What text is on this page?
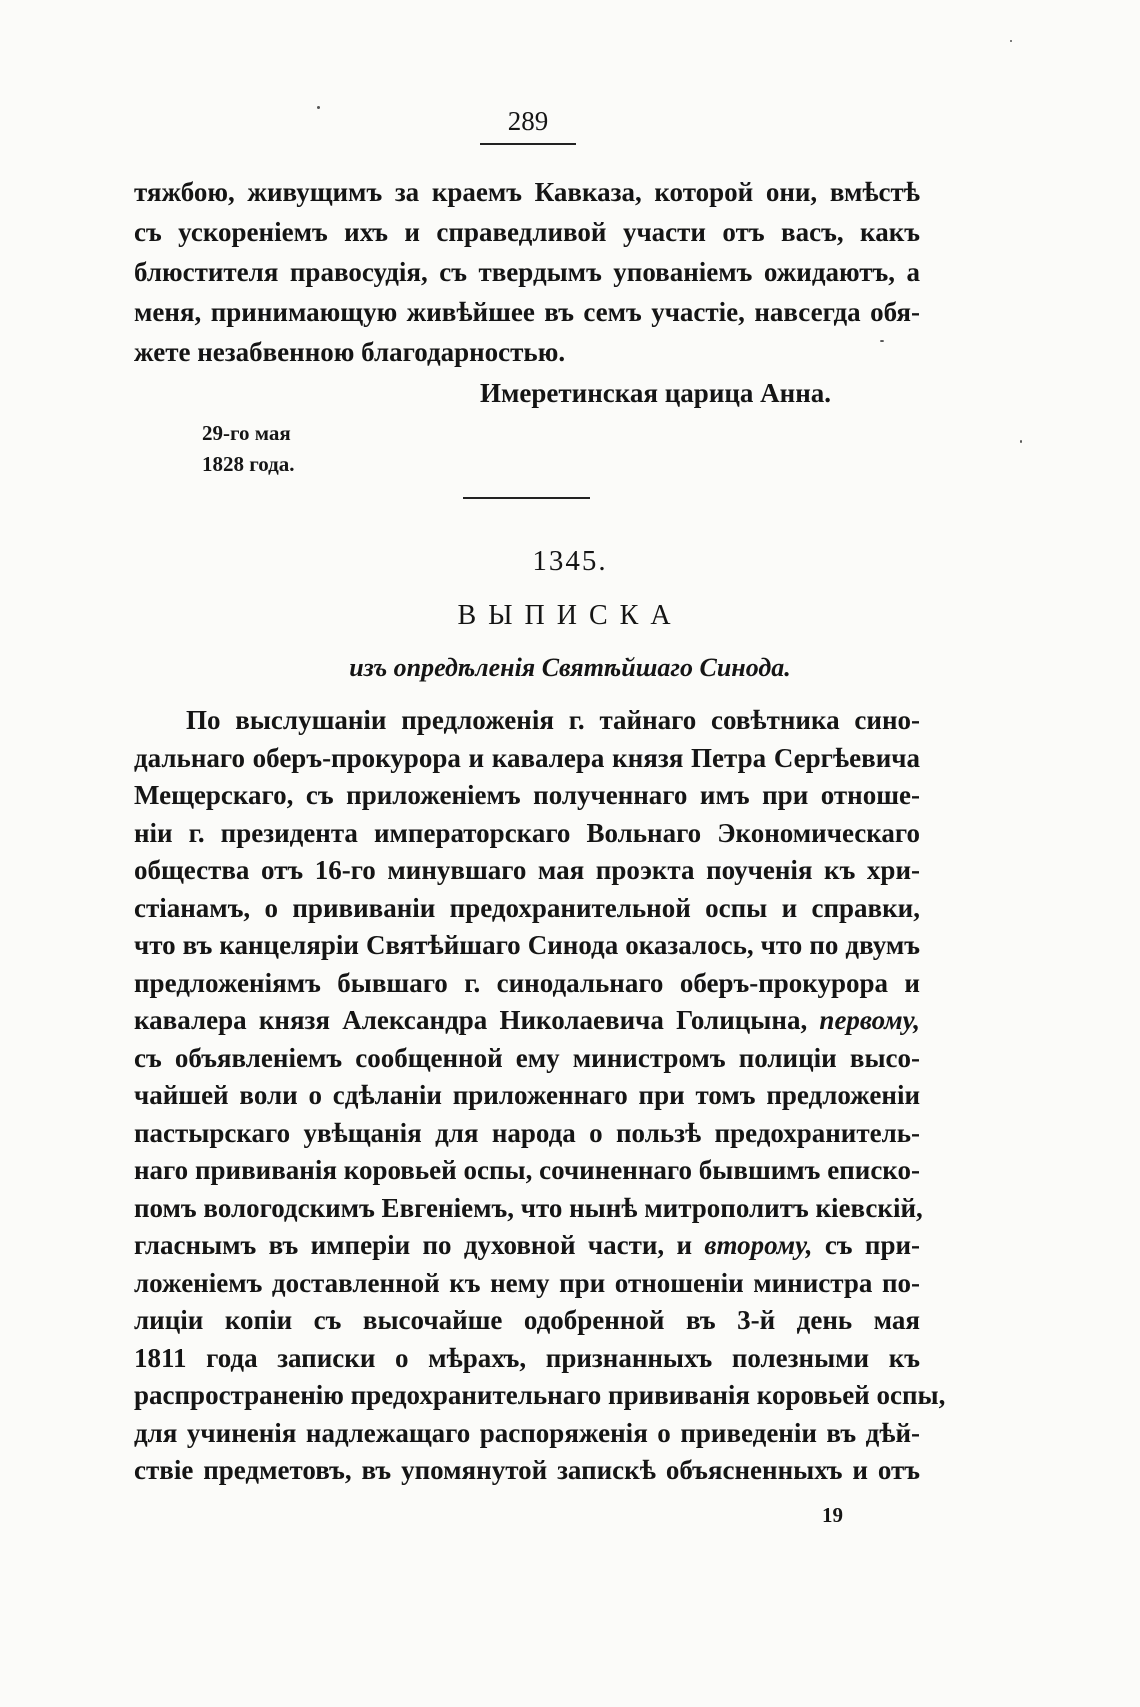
289
тяжбою, живущимъ за краемъ Кавказа, которой они, вмѣстѣ
съ ускореніемъ ихъ и справедливой участи отъ васъ, какъ
блюстителя правосудія, съ твердымъ упованіемъ ожидаютъ, а
меня, принимающую живѣйшее въ семъ участіе, навсегда обя-
жете незабвенною благодарностью.
Имеретинская царица Анна.
29-го мая
1828 года.
1345.
ВЫПИСКА
изъ опредѣленія Святѣйшаго Синода.
По выслушаніи предложенія г. тайнаго совѣтника сино-
дальнаго оберъ-прокурора и кавалера князя Петра Сергѣевича
Мещерскаго, съ приложеніемъ полученнаго имъ при отноше-
ніи г. президента императорскаго Вольнаго Экономическаго
общества отъ 16-го минувшаго мая проэкта поученія къ хри-
стіанамъ, о прививаніи предохранительной оспы и справки,
что въ канцеляріи Святѣйшаго Синода оказалось, что по двумъ
предложеніямъ бывшаго г. синодальнаго оберъ-прокурора и
кавалера князя Александра Николаевича Голицына, первому,
съ объявленіемъ сообщенной ему министромъ полиціи высо-
чайшей воли о сдѣланіи приложеннаго при томъ предложеніи
пастырскаго увѣщанія для народа о пользѣ предохранитель-
наго прививанія коровьей оспы, сочиненнаго бывшимъ еписко-
помъ вологодскимъ Евгеніемъ, что нынѣ митрополитъ кіевскій,
гласнымъ въ имперіи по духовной части, и второму, съ при-
ложеніемъ доставленной къ нему при отношеніи министра по-
лиціи копіи съ высочайше одобренной въ 3-й день мая
1811 года записки о мѣрахъ, признанныхъ полезными къ
распространенію предохранительнаго прививанія коровьей оспы,
для учиненія надлежащаго распоряженія о приведеніи въ дѣй-
ствіе предметовъ, въ упомянутой запискѣ объясненныхъ и отъ
19
